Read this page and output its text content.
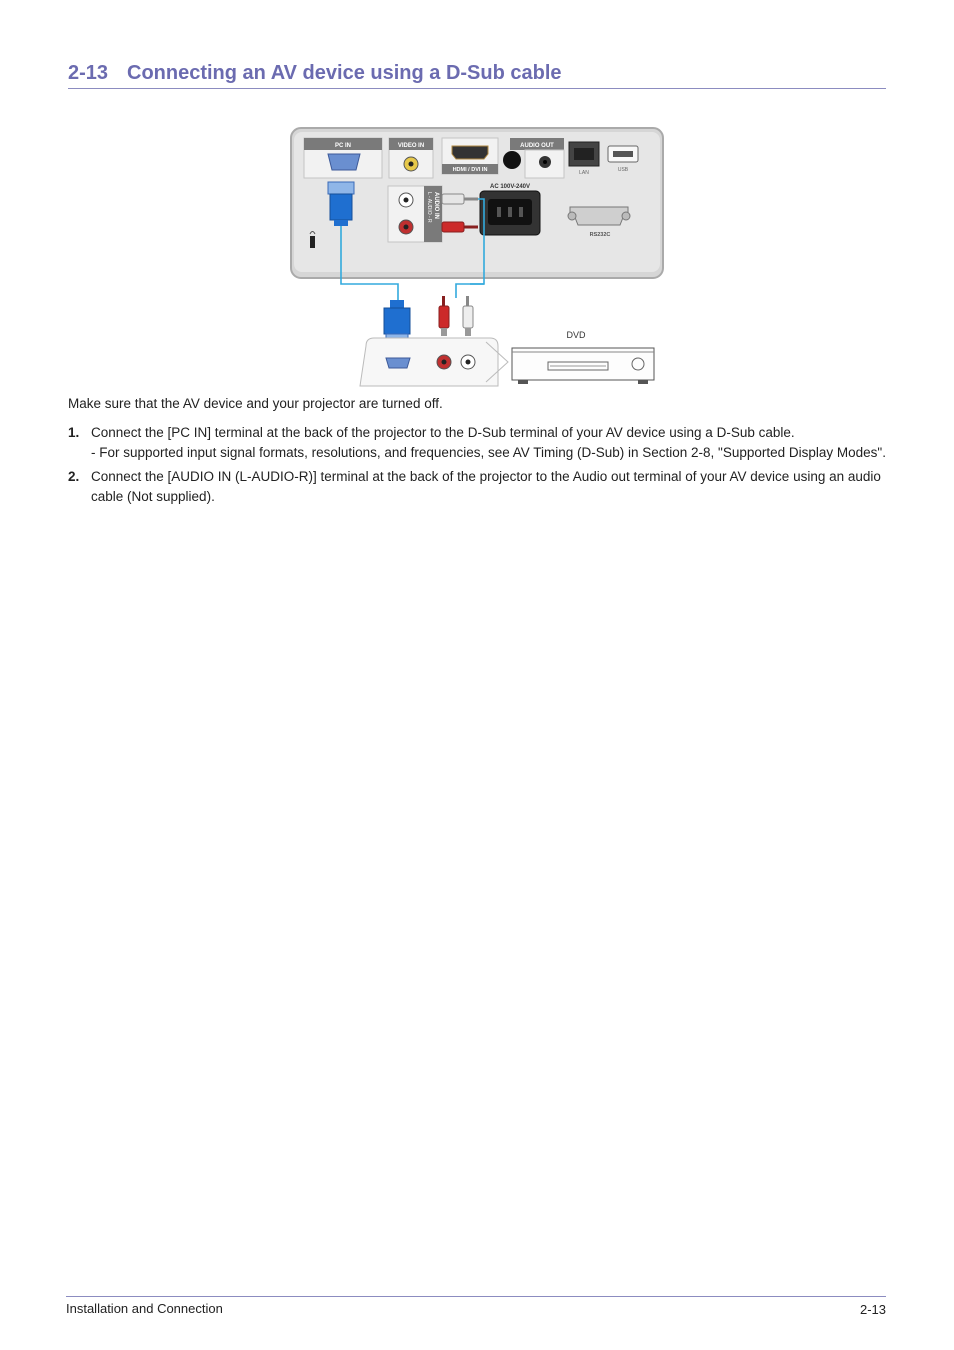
2-13 Connecting an AV device using a D-Sub cable
PC IN	VIDEO IN
HDMI / DVI IN
AUDIO OUT
LAN	USB
AUDIO IN
L - AUDIO - R
AC 100V-240V
RS232C
DVD
Make sure that the AV device and your projector are turned off.
1. Connect the [PC IN] terminal at the back of the projector to the D-Sub terminal of your AV device using a D-Sub cable.
- For supported input signal formats, resolutions, and frequencies, see AV Timing (D-Sub) in Section 2-8, "Supported Display Modes".
2. Connect the [AUDIO IN (L-AUDIO-R)] terminal at the back of the projector to the Audio out terminal of your AV device using an audio cable (Not supplied).
Installation and Connection	2-13
